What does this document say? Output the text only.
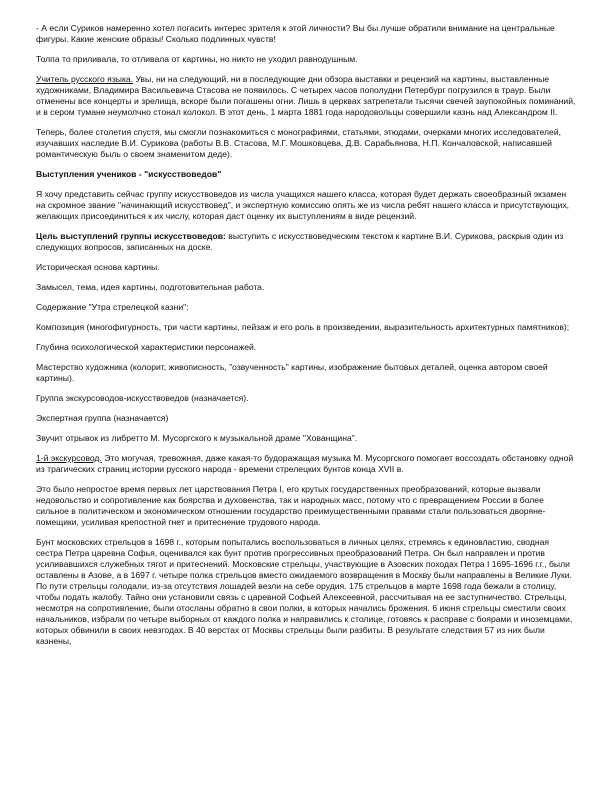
- А если Суриков намеренно хотел погасить интерес зрителя к этой личности? Вы бы лучше обратили внимание на центральные фигуры. Какие женские образы! Сколько подлинных чувств!

Толпа то приливала, то отливала от картины, но никто не уходил равнодушным.

Учитель русского языка. Увы, ни на следующий, ни в последующие дни обзора выставки и рецензий на картины, выставленные художниками, Владимира Васильевича Стасова не появилось. С четырех часов пополудни Петербург погрузился в траур. Были отменены все концерты и зрелища, вскоре были погашены огни. Лишь в церквах затрепетали тысячи свечей заупокойных поминаний, и в сером тумане неумолчно стонал колокол. В этот день, 1 марта 1881 года народовольцы совершили казнь над Александром II.

Теперь, более столетия спустя, мы смогли познакомиться с монографиями, статьями, этюдами, очерками многих исследователей, изучавших наследие В.И. Сурикова (работы В.В. Стасова, М.Г. Мошковцева, Д.В. Сарабьянова, Н.П. Кончаловской, написавшей романтическую быль о своем знаменитом деде).

Выступления учеников - "искусствоведов"

Я хочу представить сейчас группу искусствоведов из числа учащихся нашего класса, которая будет держать своеобразный экзамен на скромное звание "начинающий искусствовед", и экспертную комиссию опять же из числа ребят нашего класса и присутствующих, желающих присоединиться к их числу, которая даст оценку их выступлениям в виде рецензий.

Цель выступлений группы искусствоведов: выступить с искусствоведческим текстом к картине В.И. Сурикова, раскрыв один из следующих вопросов, записанных на доске.

Историческая основа картины.

Замысел, тема, идея картины, подготовительная работа.

Содержание "Утра стрелецкой казни":

Композиция (многофигурность, три части картины, пейзаж и его роль в произведении, выразительность архитектурных памятников);

Глубина психологической характеристики персонажей.

Мастерство художника (колорит, живописность, "озвученность" картины, изображение бытовых деталей, оценка автором своей картины).

Группа экскурсоводов-искусствоведов (назначается).

Экспертная группа (назначается)

Звучит отрывок из либретто М. Мусоргского к музыкальной драме "Хованщина".

1-й экскурсовод. Это могучая, тревожная, даже какая-то будоражащая музыка М. Мусоргского помогает воссоздать обстановку одной из трагических страниц истории русского народа - времени стрелецких бунтов конца XVII в.

Это было непростое время первых лет царствования Петра I, его крутых государственных преобразований, которые вызвали недовольство и сопротивление как боярства и духовенства, так и народных масс, потому что с превращением России в более сильное в политическом и экономическом отношении государство преимущественными правами стали пользоваться дворяне-помещики, усиливая крепостной гнет и притеснение трудового народа.

Бунт московских стрельцов в 1698 г., которым попытались воспользоваться в личных целях, стремясь к единовластию, сводная сестра Петра царевна Софья, оценивался как бунт против прогрессивных преобразований Петра. Он был направлен и против усиливавшихся служебных тягот и притеснений. Московские стрельцы, участвующие в Азовских походах Петра I 1695-1696 г.г., были оставлены в Азове, а в 1697 г. четыре полка стрельцов вместо ожидаемого возвращения в Москву были направлены в Великие Луки. По пути стрельцы голодали, из-за отсутствия лошадей везли на себе орудия. 175 стрельцов в марте 1698 года бежали в столицу, чтобы подать жалобу. Тайно они установили связь с царевной Софьей Алексеевной, рассчитывая на ее заступничество. Стрельцы, несмотря на сопротивление, были отосланы обратно в свои полки, в которых начались брожения. 6 июня стрельцы сместили своих начальников, избрали по четыре выборных от каждого полка и направились к столице, готовясь к расправе с боярами и иноземцами, которых обвинили в своих невзгодах. В 40 верстах от Москвы стрельцы были разбиты. В результате следствия 57 из них были казнены,
